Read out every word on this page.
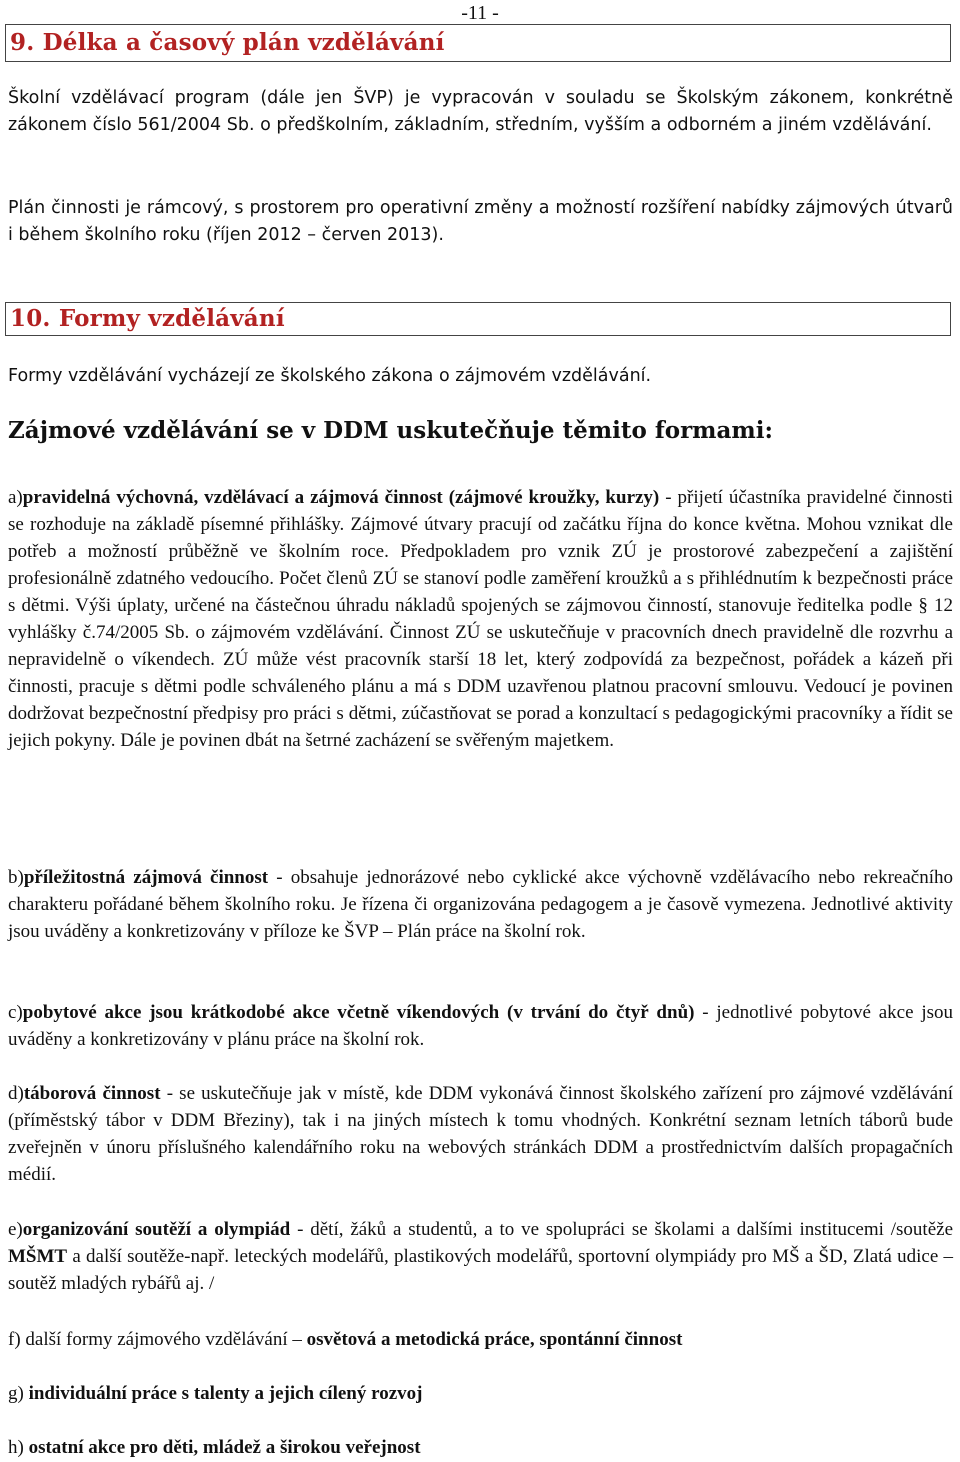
-11 -
9. Délka a časový plán vzdělávání

Školní vzdělávací program (dále jen ŠVP) je vypracován v souladu se Školským zákonem, konkrétně zákonem číslo 561/2004 Sb. o předškolním, základním, středním, vyšším a odborném a jiném vzdělávání.

Plán činnosti je rámcový, s prostorem pro operativní změny a možností rozšíření nabídky zájmových útvarů i během školního roku (říjen 2012 – červen 2013).

10. Formy vzdělávání

Formy vzdělávání vycházejí ze školského zákona o zájmovém vzdělávání.

Zájmové vzdělávání se v DDM uskutečňuje těmito formami:

a)pravidelná výchovná, vzdělávací a zájmová činnost (zájmové kroužky, kurzy) - přijetí účastníka pravidelné činnosti se rozhoduje na základě písemné přihlášky. Zájmové útvary pracují od začátku října do konce května. Mohou vznikat dle potřeb a možností průběžně ve školním roce. Předpokladem pro vznik ZÚ je prostorové zabezpečení a zajištění profesionálně zdatného vedoucího. Počet členů ZÚ se stanoví podle zaměření kroužků a s přihlédnutím k bezpečnosti práce s dětmi. Výši úplaty, určené na částečnou úhradu nákladů spojených se zájmovou činností, stanovuje ředitelka podle § 12 vyhlášky č.74/2005 Sb. o zájmovém vzdělávání. Činnost ZÚ se uskutečňuje v pracovních dnech pravidelně dle rozvrhu a nepravidelně o víkendech. ZÚ může vést pracovník starší 18 let, který zodpovídá za bezpečnost, pořádek a kázeň při činnosti, pracuje s dětmi podle schváleného plánu a má s DDM uzavřenou platnou pracovní smlouvu. Vedoucí je povinen dodržovat bezpečnostní předpisy pro práci s dětmi, zúčastňovat se porad a konzultací s pedagogickými pracovníky a řídit se jejich pokyny. Dále je povinen dbát na šetrné zacházení se svěřeným majetkem.

b)příležitostná zájmová činnost - obsahuje jednorázové nebo cyklické akce výchovně vzdělávacího nebo rekreačního charakteru pořádané během školního roku. Je řízena či organizována pedagogem a je časově vymezena. Jednotlivé aktivity jsou uváděny a konkretizovány v příloze ke ŠVP – Plán práce na školní rok.

c)pobytové akce jsou krátkodobé akce včetně víkendových (v trvání do čtyř dnů) - jednotlivé pobytové akce jsou uváděny a konkretizovány v plánu práce na školní rok.

d)táborová činnost - se uskutečňuje jak v místě, kde DDM vykonává činnost školského zařízení pro zájmové vzdělávání (příměstský tábor v DDM Březiny), tak i na jiných místech k tomu vhodných. Konkrétní seznam letních táborů bude zveřejněn v únoru příslušného kalendářního roku na webových stránkách DDM a prostřednictvím dalších propagačních médií.

e)organizování soutěží a olympiád - dětí, žáků a studentů, a to ve spolupráci se školami a dalšími institucemi /soutěže MŠMT a další soutěže-např. leteckých modelářů, plastikových modelářů, sportovní olympiády pro MŠ a ŠD, Zlatá udice – soutěž mladých rybářů aj. /

f) další formy zájmového vzdělávání – osvětová a metodická práce, spontánní činnost

g) individuální práce s talenty a jejich cílený rozvoj

h) ostatní akce pro děti, mládež a širokou veřejnost
